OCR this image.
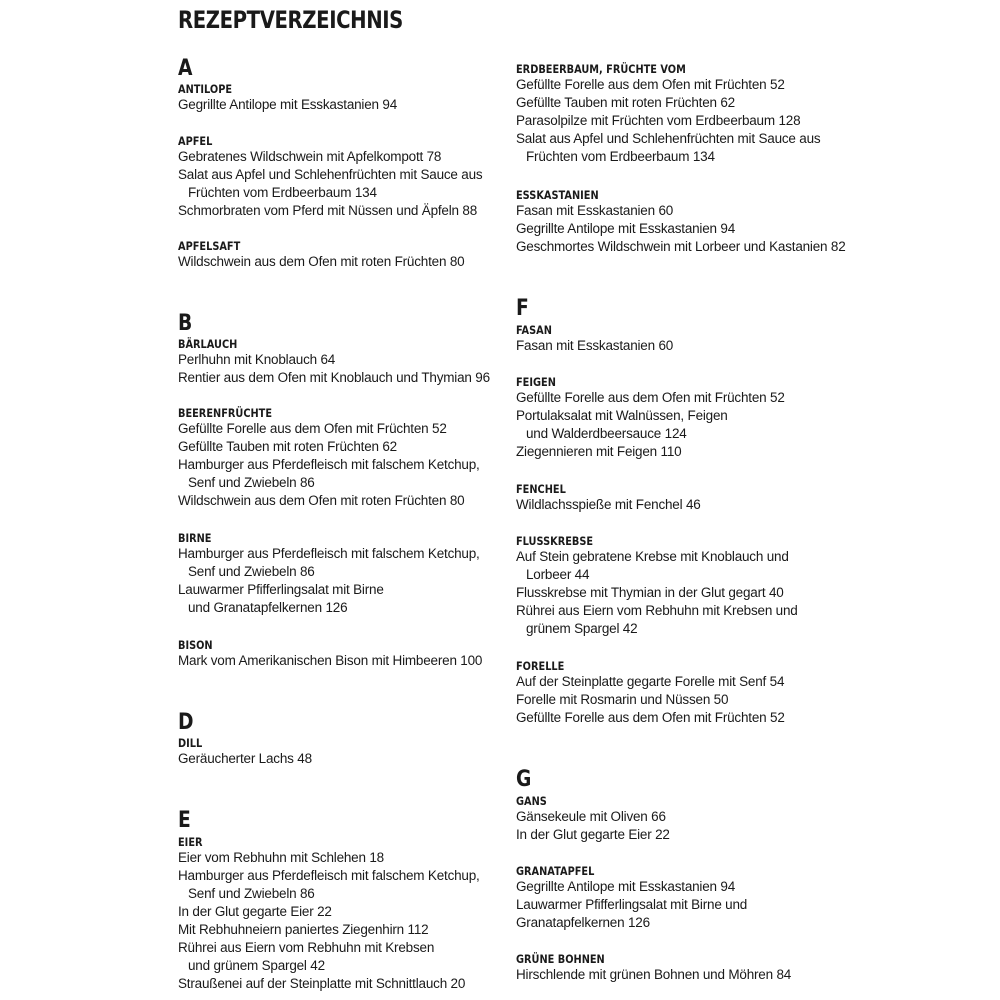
REZEPTVERZEICHNIS
A
ANTILOPE
Gegrillte Antilope mit Esskastanien 94
APFEL
Gebratenes Wildschwein mit Apfelkompott 78
Salat aus Apfel und Schlehenfrüchten mit Sauce aus
Früchten vom Erdbeerbaum 134
Schmorbraten vom Pferd mit Nüssen und Äpfeln 88
APFELSAFT
Wildschwein aus dem Ofen mit roten Früchten 80
B
BÄRLAUCH
Perlhuhn mit Knoblauch 64
Rentier aus dem Ofen mit Knoblauch und Thymian 96
BEERENFRÜCHTE
Gefüllte Forelle aus dem Ofen mit Früchten 52
Gefüllte Tauben mit roten Früchten 62
Hamburger aus Pferdefleisch mit falschem Ketchup,
Senf und Zwiebeln 86
Wildschwein aus dem Ofen mit roten Früchten 80
BIRNE
Hamburger aus Pferdefleisch mit falschem Ketchup,
Senf und Zwiebeln 86
Lauwarmer Pfifferlingsalat mit Birne
und Granatapfelkernen 126
BISON
Mark vom Amerikanischen Bison mit Himbeeren 100
D
DILL
Geräucherter Lachs 48
E
EIER
Eier vom Rebhuhn mit Schlehen 18
Hamburger aus Pferdefleisch mit falschem Ketchup,
Senf und Zwiebeln 86
In der Glut gegarte Eier 22
Mit Rebhuhneiern paniertes Ziegenhirn 112
Rührei aus Eiern vom Rebhuhn mit Krebsen
und grünem Spargel 42
Straußenei auf der Steinplatte mit Schnittlauch 20
ERDBEERBAUM, FRÜCHTE VOM
Gefüllte Forelle aus dem Ofen mit Früchten 52
Gefüllte Tauben mit roten Früchten 62
Parasolpilze mit Früchten vom Erdbeerbaum 128
Salat aus Apfel und Schlehenfrüchten mit Sauce aus
Früchten vom Erdbeerbaum 134
ESSKASTANIEN
Fasan mit Esskastanien 60
Gegrillte Antilope mit Esskastanien 94
Geschmortes Wildschwein mit Lorbeer und Kastanien 82
F
FASAN
Fasan mit Esskastanien 60
FEIGEN
Gefüllte Forelle aus dem Ofen mit Früchten 52
Portulaksalat mit Walnüssen, Feigen
und Walderdbeersauce 124
Ziegennieren mit Feigen 110
FENCHEL
Wildlachsspieße mit Fenchel 46
FLUSSKREBSE
Auf Stein gebratene Krebse mit Knoblauch und
Lorbeer 44
Flusskrebse mit Thymian in der Glut gegart 40
Rührei aus Eiern vom Rebhuhn mit Krebsen und
grünem Spargel 42
FORELLE
Auf der Steinplatte gegarte Forelle mit Senf 54
Forelle mit Rosmarin und Nüssen 50
Gefüllte Forelle aus dem Ofen mit Früchten 52
G
GANS
Gänsekeule mit Oliven 66
In der Glut gegarte Eier 22
GRANATAPFEL
Gegrillte Antilope mit Esskastanien 94
Lauwarmer Pfifferlingsalat mit Birne und
Granatapfelkernen 126
GRÜNE BOHNEN
Hirschlende mit grünen Bohnen und Möhren 84
